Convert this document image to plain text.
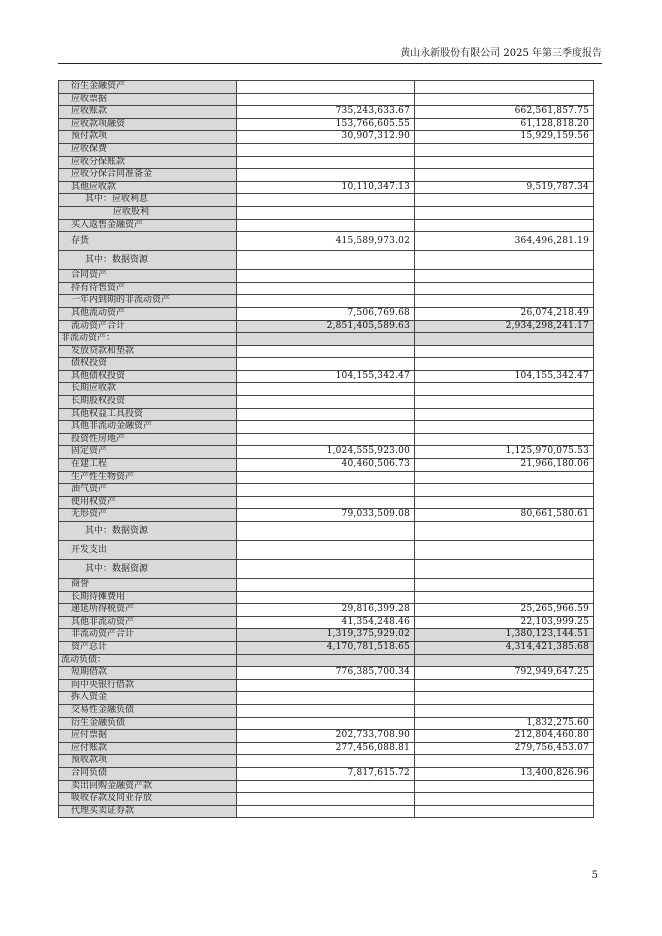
黄山永新股份有限公司 2025 年第三季度报告
衍生金融资产		
应收票据		
应收账款	735,243,633.67	662,561,857.75
应收款项融资	153,766,605.55	61,128,818.20
预付款项	30,907,312.90	15,929,159.56
应收保费		
应收分保账款		
应收分保合同准备金		
其他应收款	10,110,347.13	9,519,787.34
其中：应收利息		
应收股利		
买入返售金融资产		
存货	415,589,973.02	364,496,281.19
其中：数据资源		
合同资产		
持有待售资产		
一年内到期的非流动资产		
其他流动资产	7,506,769.68	26,074,218.49
流动资产合计	2,851,405,589.63	2,934,298,241.17
非流动资产：		
发放贷款和垫款		
债权投资		
其他债权投资	104,155,342.47	104,155,342.47
长期应收款		
长期股权投资		
其他权益工具投资		
其他非流动金融资产		
投资性房地产		
固定资产	1,024,555,923.00	1,125,970,075.53
在建工程	40,460,506.73	21,966,180.06
生产性生物资产		
油气资产		
使用权资产		
无形资产	79,033,509.08	80,661,580.61
其中：数据资源		
开发支出		
其中：数据资源		
商誉		
长期待摊费用		
递延所得税资产	29,816,399.28	25,265,966.59
其他非流动资产	41,354,248.46	22,103,999.25
非流动资产合计	1,319,375,929.02	1,380,123,144.51
资产总计	4,170,781,518.65	4,314,421,385.68
流动负债：		
短期借款	776,385,700.34	792,949,647.25
向中央银行借款		
拆入资金		
交易性金融负债		
衍生金融负债		1,832,275.60
应付票据	202,733,708.90	212,804,460.80
应付账款	277,456,088.81	279,756,453.07
预收款项		
合同负债	7,817,615.72	13,400,826.96
卖出回购金融资产款		
吸收存款及同业存放		
代理买卖证券款		
5
